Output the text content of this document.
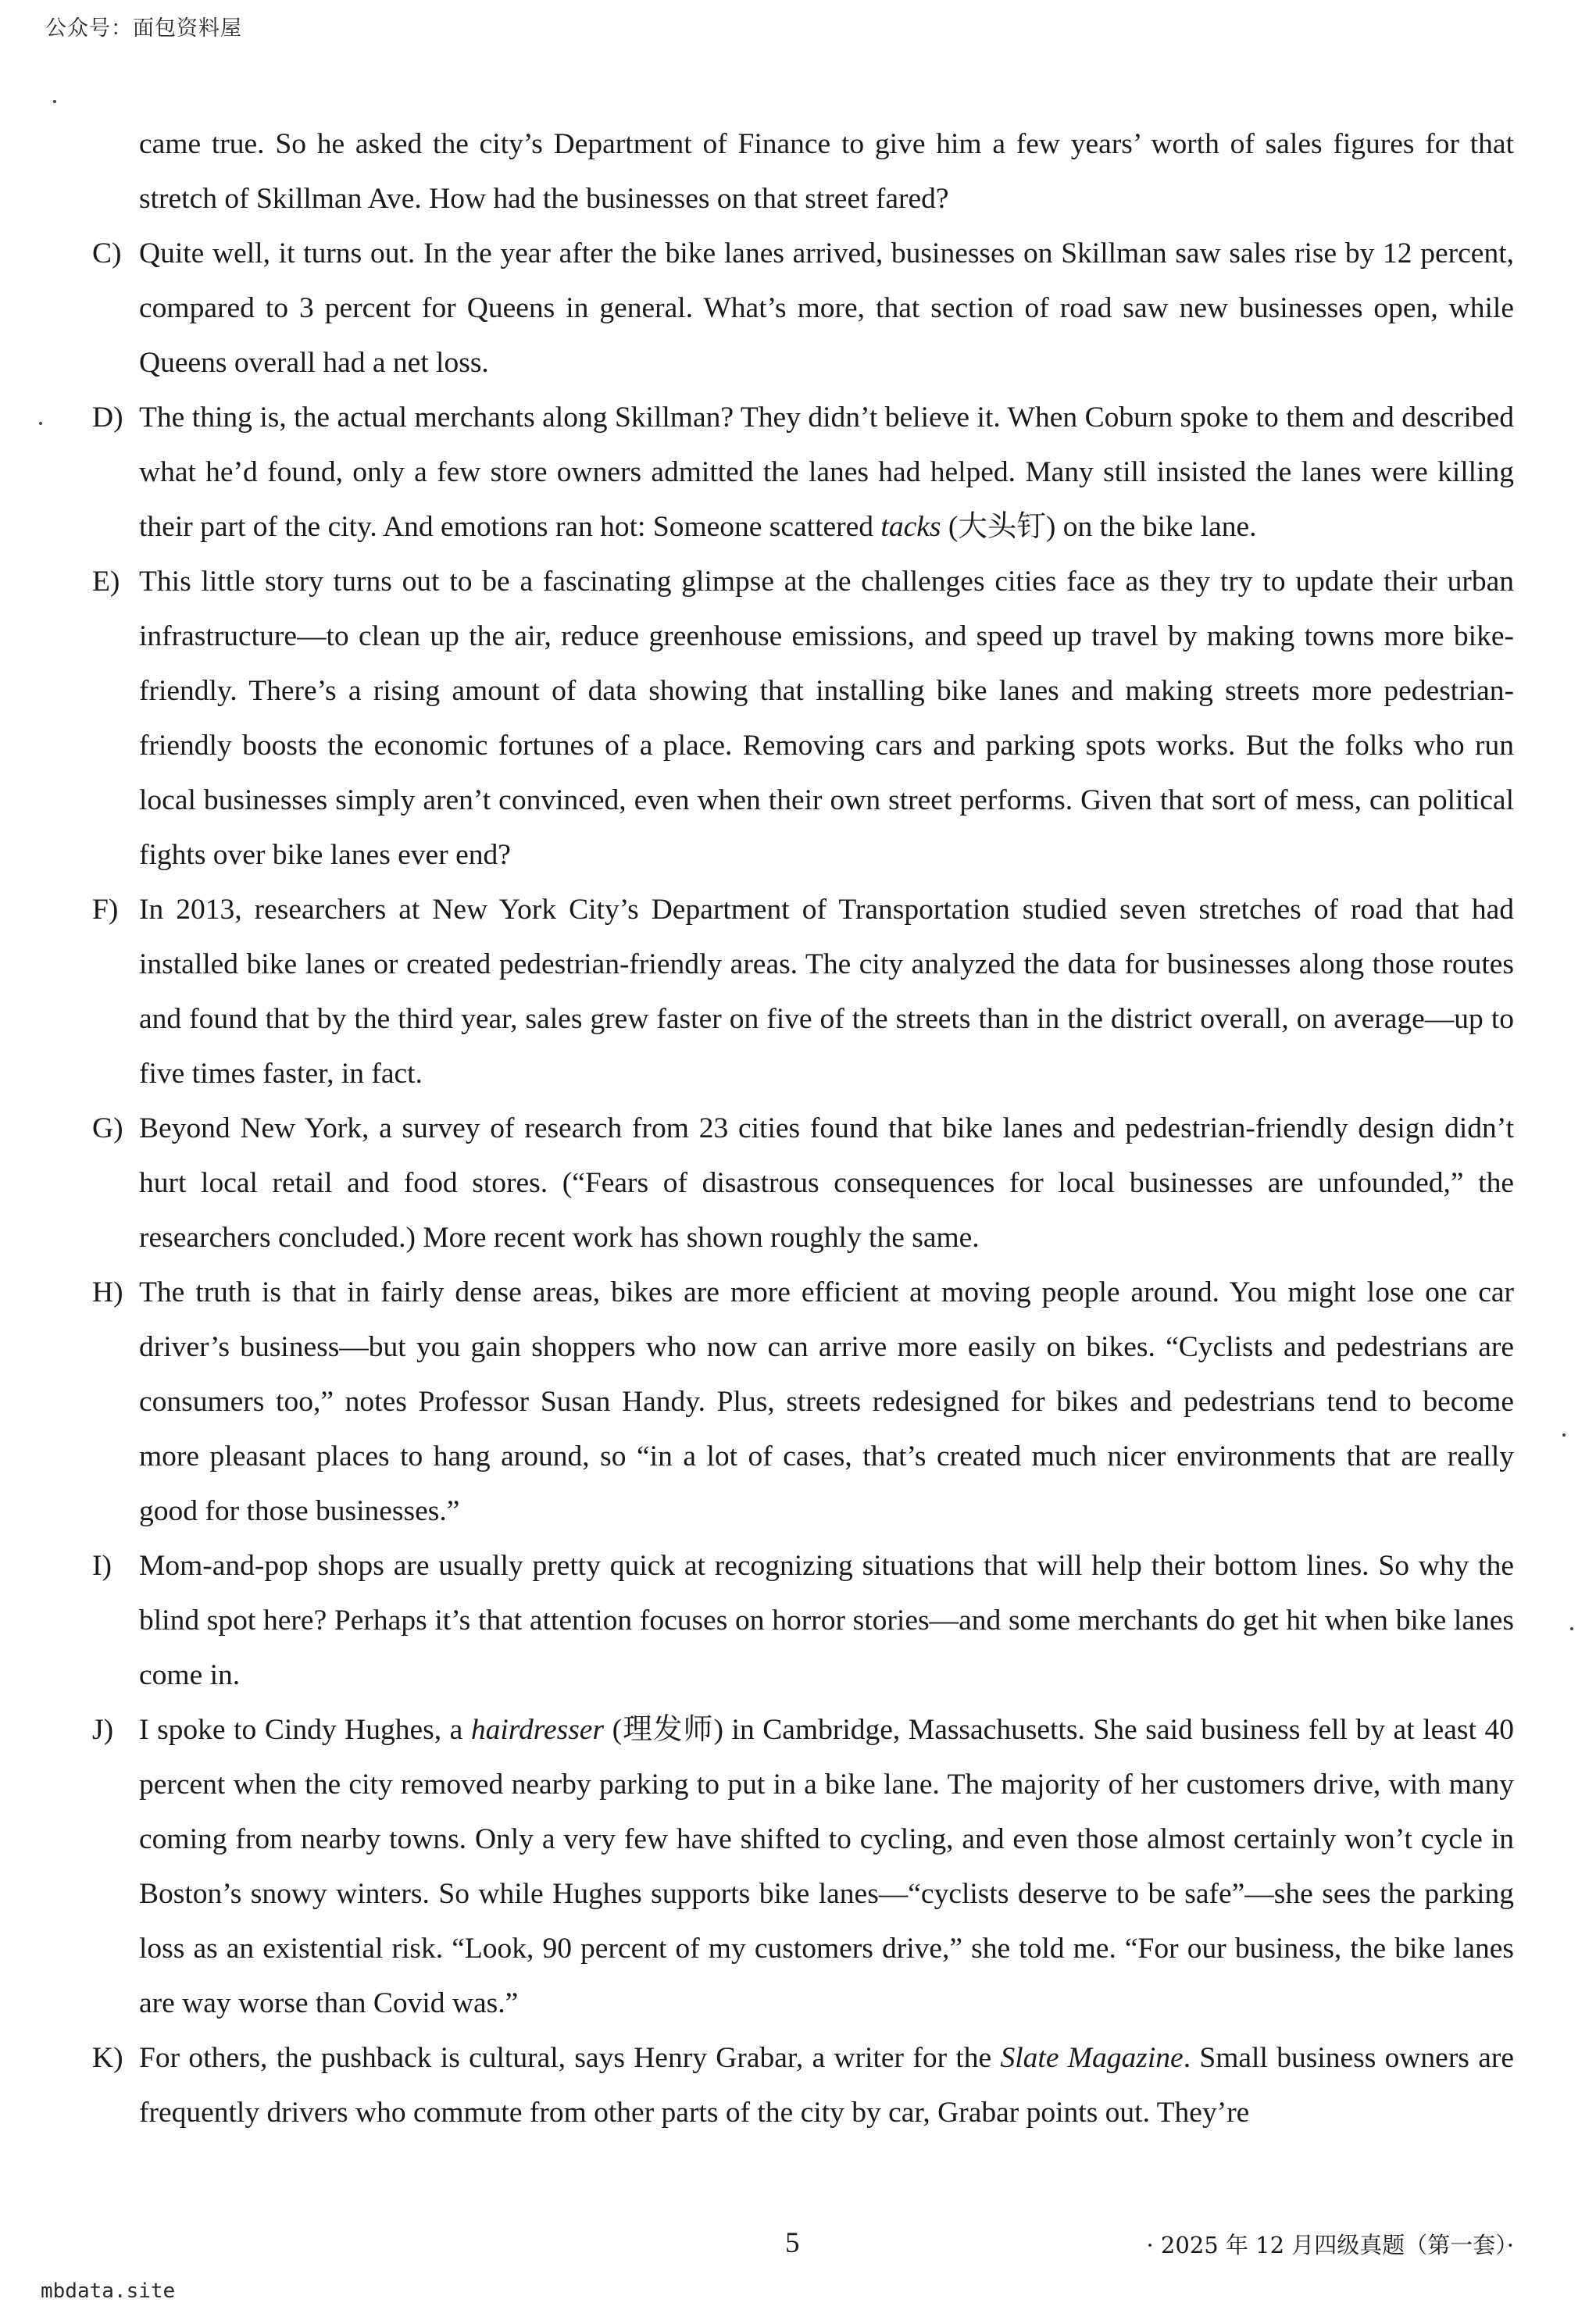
公众号：面包资料屋

came true. So he asked the city’s Department of Finance to give him a few years’ worth of sales figures for that stretch of Skillman Ave. How had the businesses on that street fared?

C) Quite well, it turns out. In the year after the bike lanes arrived, businesses on Skillman saw sales rise by 12 percent, compared to 3 percent for Queens in general. What’s more, that section of road saw new businesses open, while Queens overall had a net loss.

D) The thing is, the actual merchants along Skillman? They didn’t believe it. When Coburn spoke to them and described what he’d found, only a few store owners admitted the lanes had helped. Many still insisted the lanes were killing their part of the city. And emotions ran hot: Someone scattered tacks (大头钉) on the bike lane.

E) This little story turns out to be a fascinating glimpse at the challenges cities face as they try to update their urban infrastructure—to clean up the air, reduce greenhouse emissions, and speed up travel by making towns more bike-friendly. There’s a rising amount of data showing that installing bike lanes and making streets more pedestrian-friendly boosts the economic fortunes of a place. Removing cars and parking spots works. But the folks who run local businesses simply aren’t convinced, even when their own street performs. Given that sort of mess, can political fights over bike lanes ever end?

F) In 2013, researchers at New York City’s Department of Transportation studied seven stretches of road that had installed bike lanes or created pedestrian-friendly areas. The city analyzed the data for businesses along those routes and found that by the third year, sales grew faster on five of the streets than in the district overall, on average—up to five times faster, in fact.

G) Beyond New York, a survey of research from 23 cities found that bike lanes and pedestrian-friendly design didn’t hurt local retail and food stores. (“Fears of disastrous consequences for local businesses are unfounded,” the researchers concluded.) More recent work has shown roughly the same.

H) The truth is that in fairly dense areas, bikes are more efficient at moving people around. You might lose one car driver’s business—but you gain shoppers who now can arrive more easily on bikes. “Cyclists and pedestrians are consumers too,” notes Professor Susan Handy. Plus, streets redesigned for bikes and pedestrians tend to become more pleasant places to hang around, so “in a lot of cases, that’s created much nicer environments that are really good for those businesses.”

I) Mom-and-pop shops are usually pretty quick at recognizing situations that will help their bottom lines. So why the blind spot here? Perhaps it’s that attention focuses on horror stories—and some merchants do get hit when bike lanes come in.

J) I spoke to Cindy Hughes, a hairdresser (理发师) in Cambridge, Massachusetts. She said business fell by at least 40 percent when the city removed nearby parking to put in a bike lane. The majority of her customers drive, with many coming from nearby towns. Only a very few have shifted to cycling, and even those almost certainly won’t cycle in Boston’s snowy winters. So while Hughes supports bike lanes—“cyclists deserve to be safe”—she sees the parking loss as an existential risk. “Look, 90 percent of my customers drive,” she told me. “For our business, the bike lanes are way worse than Covid was.”

K) For others, the pushback is cultural, says Henry Grabar, a writer for the Slate Magazine. Small business owners are frequently drivers who commute from other parts of the city by car, Grabar points out. They’re

5	· 2025 年 12 月四级真题（第一套）·
mbdata.site
